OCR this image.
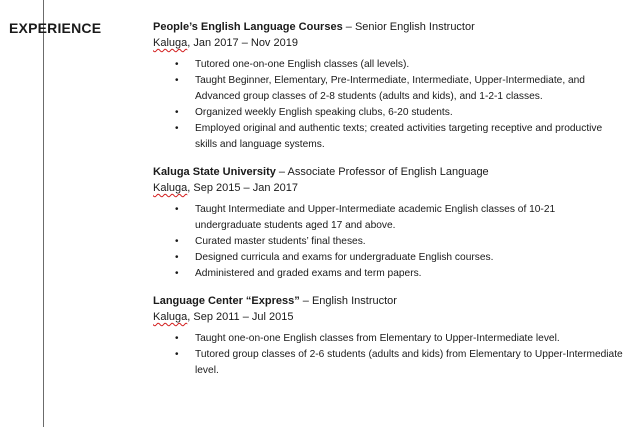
EXPERIENCE	People’s English Language Courses – Senior English Instructor
Kaluga, Jan 2017 – Nov 2019
• Tutored one-on-one English classes (all levels).
• Taught Beginner, Elementary, Pre-Intermediate, Intermediate, Upper-Intermediate, and Advanced group classes of 2-8 students (adults and kids), and 1-2-1 classes.
• Organized weekly English speaking clubs, 6-20 students.
• Employed original and authentic texts; created activities targeting receptive and productive skills and language systems.
Kaluga State University – Associate Professor of English Language
Kaluga, Sep 2015 – Jan 2017
• Taught Intermediate and Upper-Intermediate academic English classes of 10-21 undergraduate students aged 17 and above.
• Curated master students’ final theses.
• Designed curricula and exams for undergraduate English courses.
• Administered and graded exams and term papers.
Language Center “Express” – English Instructor
Kaluga, Sep 2011 – Jul 2015
• Taught one-on-one English classes from Elementary to Upper-Intermediate level.
• Tutored group classes of 2-6 students (adults and kids) from Elementary to Upper-Intermediate level.
